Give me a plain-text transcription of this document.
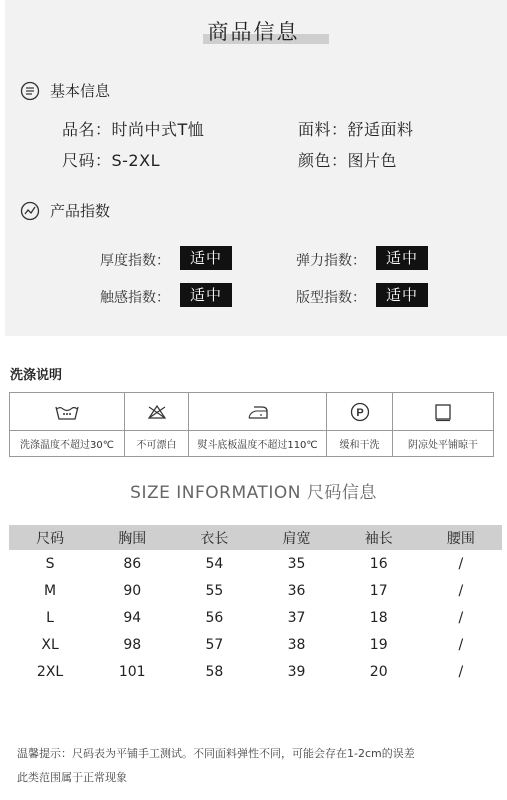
商品信息
基本信息
品名：时尚中式T恤	面料：舒适面料
尺码：S-2XL	颜色：图片色
产品指数
厚度指数：	适中	弹力指数：	适中
触感指数：	适中	版型指数：	适中
洗涤说明

P

洗涤温度不超过30℃	不可漂白	熨斗底板温度不超过110℃	缓和干洗	阴凉处平铺晾干
SIZE INFORMATION 尺码信息
尺码	胸围	衣长	肩宽	袖长	腰围
S	86	54	35	16	/
M	90	55	36	17	/
L	94	56	37	18	/
XL	98	57	38	19	/
2XL	101	58	39	20	/
温馨提示：尺码表为平铺手工测试。不同面料弹性不同，可能会存在1-2cm的误差
此类范围属于正常现象
